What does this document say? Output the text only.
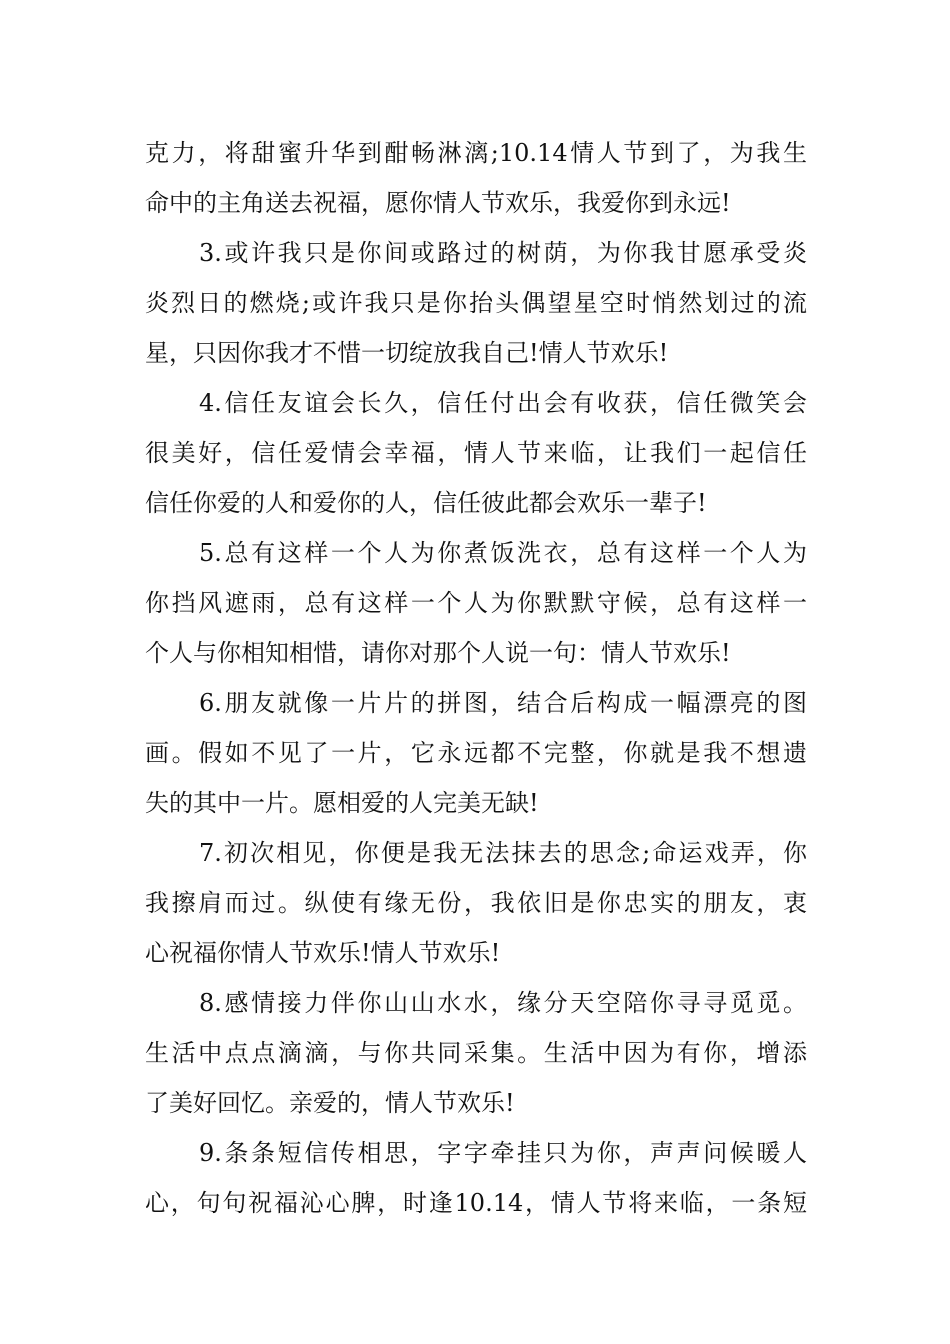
克力，将甜蜜升华到酣畅淋漓;10.14情人节到了，为我生
命中的主角送去祝福，愿你情人节欢乐，我爱你到永远!
3.或许我只是你间或路过的树荫，为你我甘愿承受炎
炎烈日的燃烧;或许我只是你抬头偶望星空时悄然划过的流
星，只因你我才不惜一切绽放我自己!情人节欢乐!
4.信任友谊会长久，信任付出会有收获，信任微笑会
很美好，信任爱情会幸福，情人节来临，让我们一起信任
信任你爱的人和爱你的人，信任彼此都会欢乐一辈子!
5.总有这样一个人为你煮饭洗衣，总有这样一个人为
你挡风遮雨，总有这样一个人为你默默守候，总有这样一
个人与你相知相惜，请你对那个人说一句：情人节欢乐!
6.朋友就像一片片的拼图，结合后构成一幅漂亮的图
画。假如不见了一片，它永远都不完整，你就是我不想遗
失的其中一片。愿相爱的人完美无缺!
7.初次相见，你便是我无法抹去的思念;命运戏弄，你
我擦肩而过。纵使有缘无份，我依旧是你忠实的朋友，衷
心祝福你情人节欢乐!情人节欢乐!
8.感情接力伴你山山水水，缘分天空陪你寻寻觅觅。
生活中点点滴滴，与你共同采集。生活中因为有你，增添
了美好回忆。亲爱的，情人节欢乐!
9.条条短信传相思，字字牵挂只为你，声声问候暖人
心，句句祝福沁心脾，时逢10.14，情人节将来临，一条短
